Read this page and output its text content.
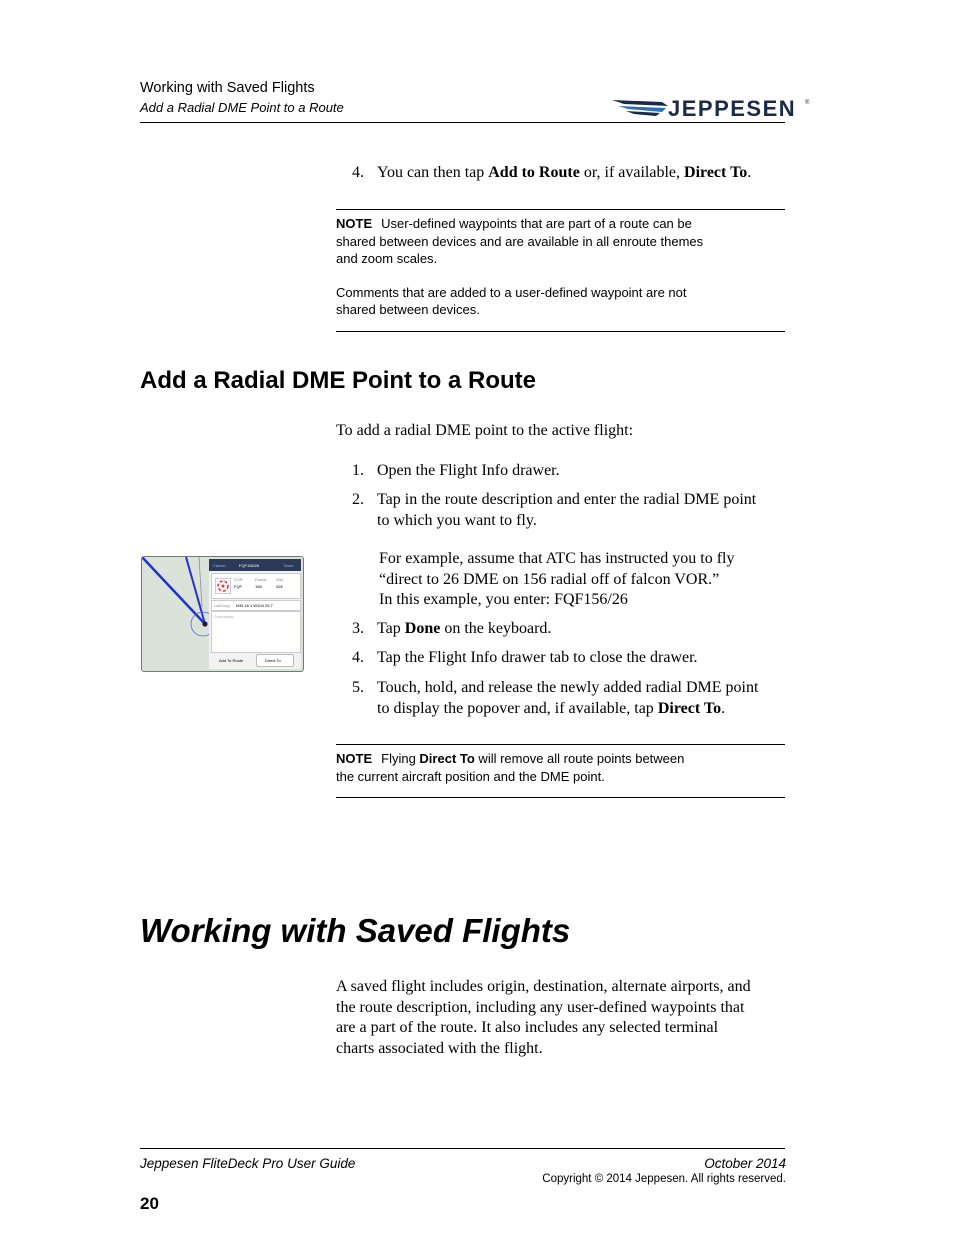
Working with Saved Flights
Add a Radial DME Point to a Route	JEPPESEN ®
4. You can then tap Add to Route or, if available, Direct To.
NOTE User-defined waypoints that are part of a route can be
shared between devices and are available in all enroute themes
and zoom scales.
Comments that are added to a user-defined waypoint are not
shared between devices.
Add a Radial DME Point to a Route
To add a radial DME point to the active flight:
1. Open the Flight Info drawer.
2. Tap in the route description and enter the radial DME point
to which you want to fly.
For example, assume that ATC has instructed you to fly
“direct to 26 DME on 156 radial off of falcon VOR.”
In this example, you enter: FQF156/26
3. Tap Done on the keyboard.
4. Tap the Flight Info drawer tab to close the drawer.
5. Touch, hold, and release the newly added radial DME point
to display the popover and, if available, tap Direct To.
Cancel	FQF156/26	Done
VOR	Radial Dist
FQF	156	026
Lat/Long N39 16.1 W104 29.7
Comments
Add To Route	Direct To
NOTE Flying Direct To will remove all route points between
the current aircraft position and the DME point.
Working with Saved Flights
A saved flight includes origin, destination, alternate airports, and
the route description, including any user-defined waypoints that
are a part of the route. It also includes any selected terminal
charts associated with the flight.
Jeppesen FliteDeck Pro User Guide	October 2014
Copyright © 2014 Jeppesen. All rights reserved.
20
